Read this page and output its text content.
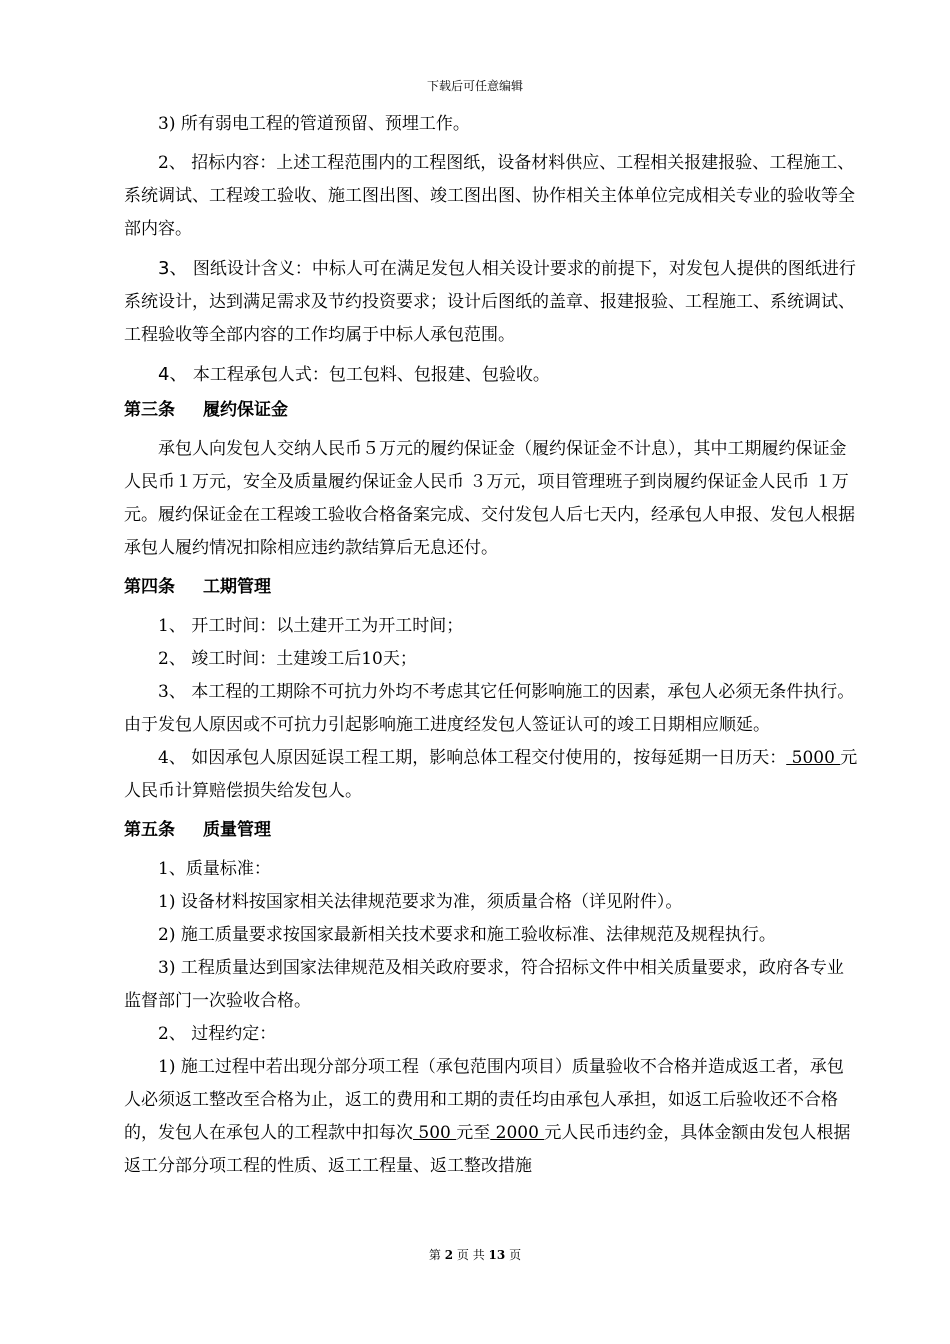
下载后可任意编辑

3) 所有弱电工程的管道预留、预埋工作。

2、 招标内容：上述工程范围内的工程图纸，设备材料供应、工程相关报建报验、工程施工、系统调试、工程竣工验收、施工图出图、竣工图出图、协作相关主体单位完成相关专业的验收等全部内容。

3、 图纸设计含义：中标人可在满足发包人相关设计要求的前提下，对发包人提供的图纸进行系统设计，达到满足需求及节约投资要求；设计后图纸的盖章、报建报验、工程施工、系统调试、工程验收等全部内容的工作均属于中标人承包范围。

4、 本工程承包人式：包工包料、包报建、包验收。

第三条 履约保证金

承包人向发包人交纳人民币５万元的履约保证金（履约保证金不计息），其中工期履约保证金人民币１万元，安全及质量履约保证金人民币 ３万元，项目管理班子到岗履约保证金人民币 １万元。履约保证金在工程竣工验收合格备案完成、交付发包人后七天内，经承包人申报、发包人根据承包人履约情况扣除相应违约款结算后无息还付。

第四条 工期管理

1、 开工时间：以土建开工为开工时间；

2、 竣工时间：土建竣工后10天；

3、 本工程的工期除不可抗力外均不考虑其它任何影响施工的因素，承包人必须无条件执行。由于发包人原因或不可抗力引起影响施工进度经发包人签证认可的竣工日期相应顺延。

4、 如因承包人原因延误工程工期，影响总体工程交付使用的，按每延期一日历天： 5000 元人民币计算赔偿损失给发包人。

第五条 质量管理

1、质量标准：

1) 设备材料按国家相关法律规范要求为准，须质量合格（详见附件）。

2) 施工质量要求按国家最新相关技术要求和施工验收标准、法律规范及规程执行。

3) 工程质量达到国家法律规范及相关政府要求，符合招标文件中相关质量要求，政府各专业监督部门一次验收合格。

2、 过程约定：

1) 施工过程中若出现分部分项工程（承包范围内项目）质量验收不合格并造成返工者，承包人必须返工整改至合格为止，返工的费用和工期的责任均由承包人承担，如返工后验收还不合格的，发包人在承包人的工程款中扣每次 500 元至 2000 元人民币违约金，具体金额由发包人根据返工分部分项工程的性质、返工工程量、返工整改措施

第 2 页 共 13 页
